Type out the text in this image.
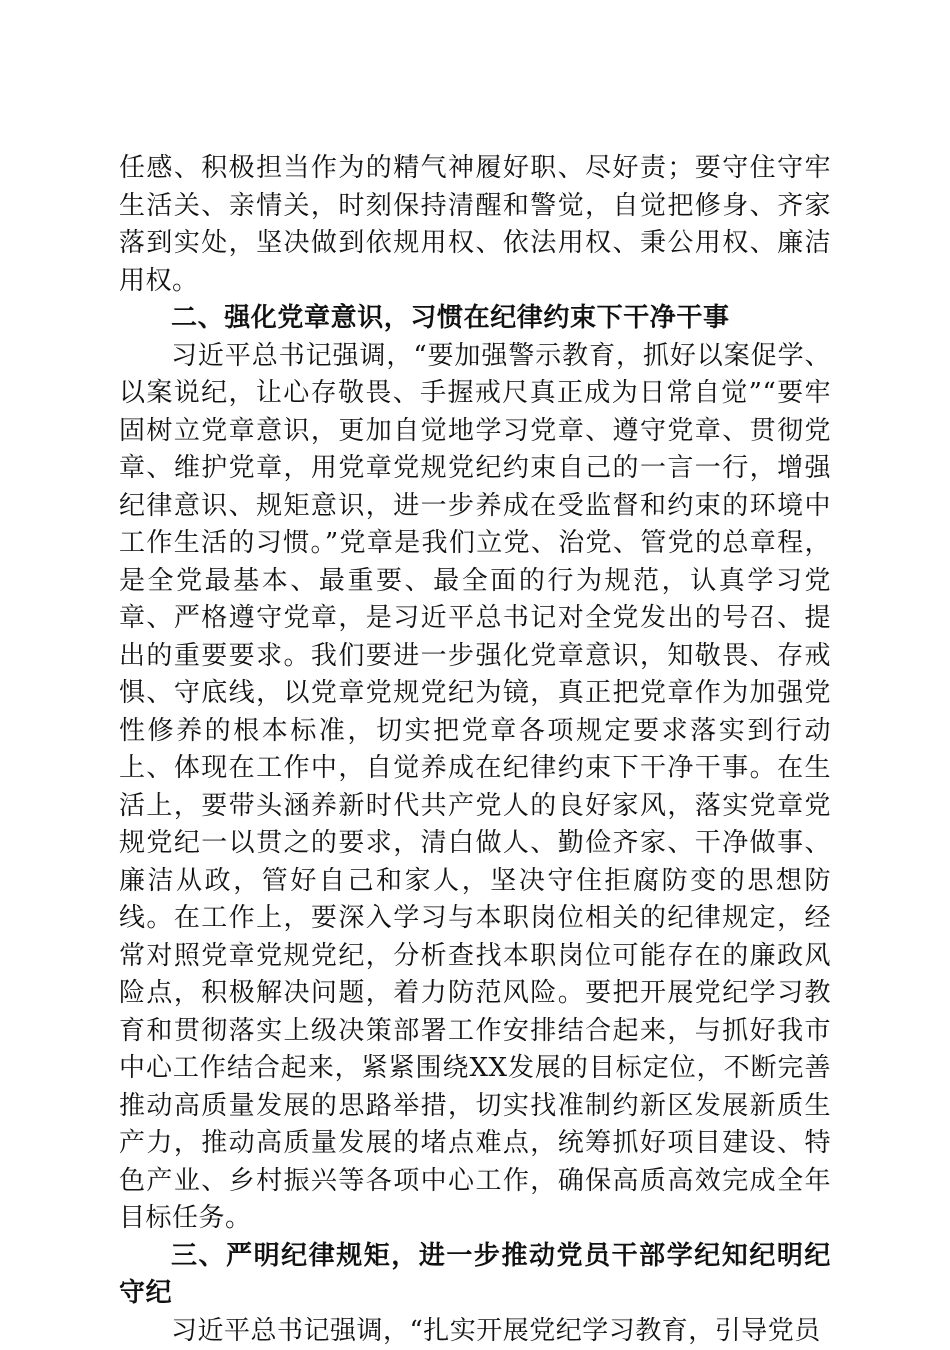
任感、积极担当作为的精气神履好职、尽好责；要守住守牢生活关、亲情关，时刻保持清醒和警觉，自觉把修身、齐家落到实处，坚决做到依规用权、依法用权、秉公用权、廉洁用权。

二、强化党章意识，习惯在纪律约束下干净干事

习近平总书记强调，“要加强警示教育，抓好以案促学、以案说纪，让心存敬畏、手握戒尺真正成为日常自觉”“要牢固树立党章意识，更加自觉地学习党章、遵守党章、贯彻党章、维护党章，用党章党规党纪约束自己的一言一行，增强纪律意识、规矩意识，进一步养成在受监督和约束的环境中工作生活的习惯。”党章是我们立党、治党、管党的总章程，是全党最基本、最重要、最全面的行为规范，认真学习党章、严格遵守党章，是习近平总书记对全党发出的号召、提出的重要要求。我们要进一步强化党章意识，知敬畏、存戒惧、守底线，以党章党规党纪为镜，真正把党章作为加强党性修养的根本标准，切实把党章各项规定要求落实到行动上、体现在工作中，自觉养成在纪律约束下干净干事。在生活上，要带头涵养新时代共产党人的良好家风，落实党章党规党纪一以贯之的要求，清白做人、勤俭齐家、干净做事、廉洁从政，管好自己和家人，坚决守住拒腐防变的思想防线。在工作上，要深入学习与本职岗位相关的纪律规定，经常对照党章党规党纪，分析查找本职岗位可能存在的廉政风险点，积极解决问题，着力防范风险。要把开展党纪学习教育和贯彻落实上级决策部署工作安排结合起来，与抓好我市中心工作结合起来，紧紧围绕XX发展的目标定位，不断完善推动高质量发展的思路举措，切实找准制约新区发展新质生产力，推动高质量发展的堵点难点，统筹抓好项目建设、特色产业、乡村振兴等各项中心工作，确保高质高效完成全年目标任务。

三、严明纪律规矩，进一步推动党员干部学纪知纪明纪守纪

习近平总书记强调，“扎实开展党纪学习教育，引导党员
